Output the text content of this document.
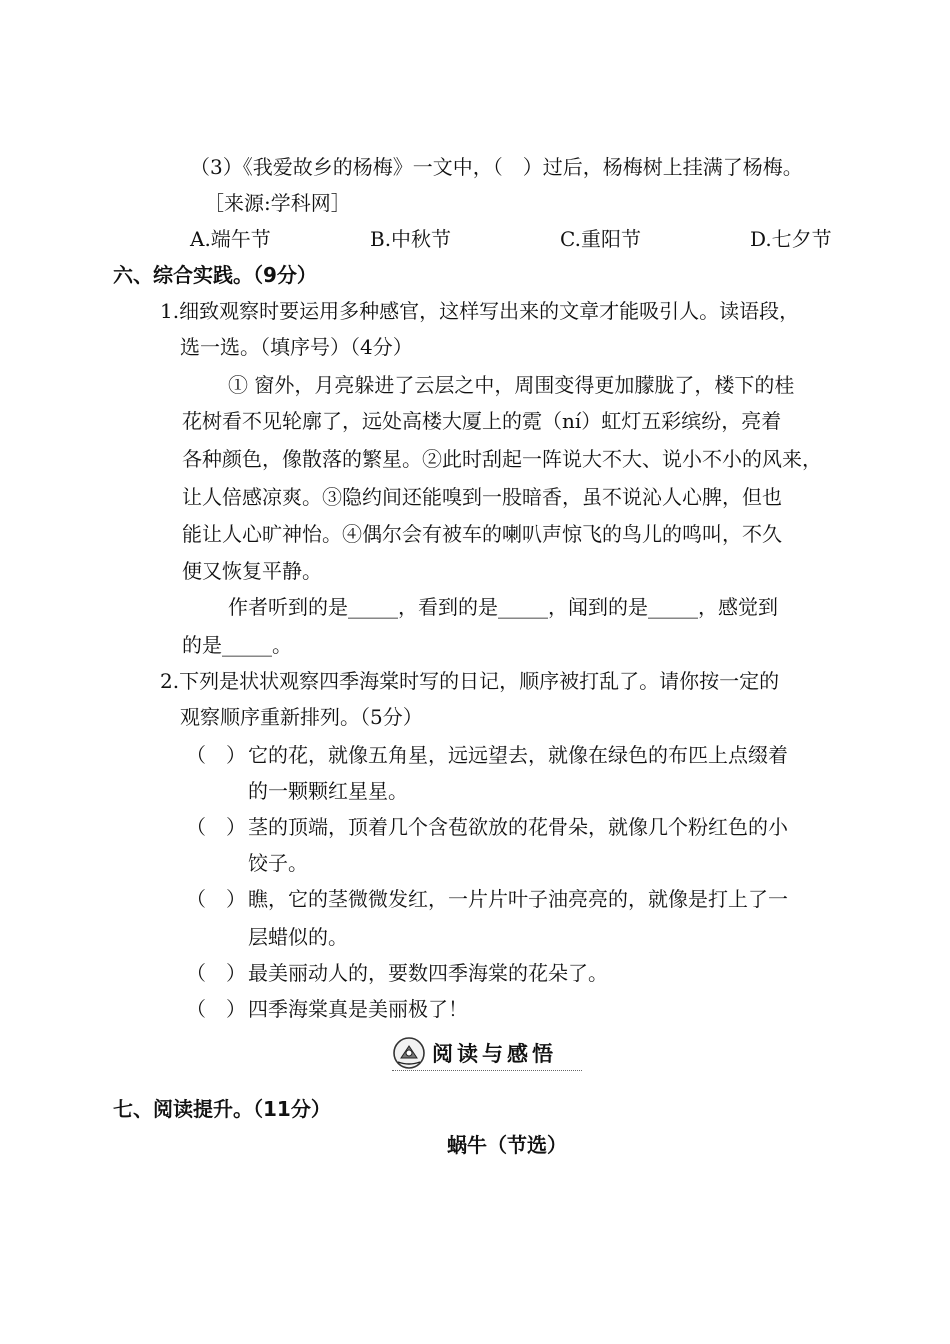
（3）《我爱故乡的杨梅》一文中，（　）过后，杨梅树上挂满了杨梅。
［来源:学科网］
A.端午节	B.中秋节	C.重阳节	D.七夕节
六、综合实践。（9分）
1.细致观察时要运用多种感官，这样写出来的文章才能吸引人。读语段，
选一选。（填序号）（4分）
① 窗外，月亮躲进了云层之中，周围变得更加朦胧了，楼下的桂
花树看不见轮廓了，远处高楼大厦上的霓（ní）虹灯五彩缤纷，亮着
各种颜色，像散落的繁星。②此时刮起一阵说大不大、说小不小的风来，
让人倍感凉爽。③隐约间还能嗅到一股暗香，虽不说沁人心脾，但也
能让人心旷神怡。④偶尔会有被车的喇叭声惊飞的鸟儿的鸣叫，不久
便又恢复平静。
作者听到的是_____，看到的是_____，闻到的是_____，感觉到
的是_____。
2.下列是状状观察四季海棠时写的日记，顺序被打乱了。请你按一定的
观察顺序重新排列。（5分）
（　） 它的花，就像五角星，远远望去，就像在绿色的布匹上点缀着
的一颗颗红星星。
（　） 茎的顶端，顶着几个含苞欲放的花骨朵，就像几个粉红色的小
饺子。
（　） 瞧，它的茎微微发红，一片片叶子油亮亮的，就像是打上了一
层蜡似的。
（　） 最美丽动人的，要数四季海棠的花朵了。
（　） 四季海棠真是美丽极了！
阅读与感悟
七、阅读提升。（11分）
蜗牛（节选）
